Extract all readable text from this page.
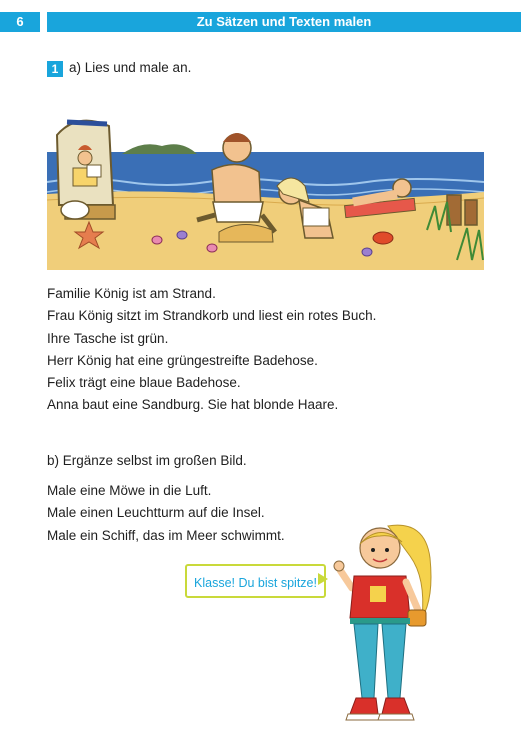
6	Zu Sätzen und Texten malen
1 a) Lies und male an.
Familie König ist am Strand.
Frau König sitzt im Strandkorb und liest ein rotes Buch.
Ihre Tasche ist grün.
Herr König hat eine grüngestreifte Badehose.
Felix trägt eine blaue Badehose.
Anna baut eine Sandburg. Sie hat blonde Haare.
b) Ergänze selbst im großen Bild.
Male eine Möwe in die Luft.
Male einen Leuchtturm auf die Insel.
Male ein Schiff, das im Meer schwimmt.
Klasse! Du bist spitze!
